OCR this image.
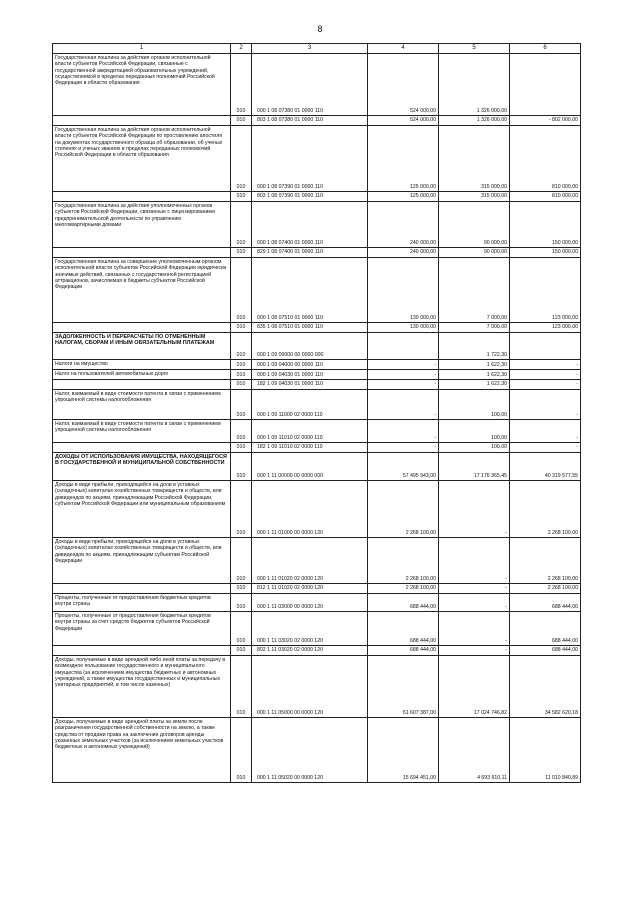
8
1	2	3	4	5	6
Государственная пошлина за действия органов исполнительной власти субъектов Российской Федерации, связанные с государственной аккредитацией образовательных учреждений, осуществляемой в пределах переданных полномочий Российской Федерации в области образования	010	000 1 08 07380 01 0000 110	524 000,00	1 326 000,00	
	010	803 1 08 07380 01 0000 110	524 000,00	1 326 000,00	- 802 000,00
Государственная пошлина за действия органов исполнительной власти субъектов Российской Федерации по проставлению апостиля на документах государственного образца об образовании, об ученых степенях и ученых званиях в пределах переданных полномочий Российской Федерации в области образования	010	000 1 08 07390 01 0000 110	125 000,00	315 000,00	810 000,00
	010	803 1 08 07390 01 0000 110	125 000,00	315 000,00	810 000,00
Государственная пошлина за действия уполномоченных органов субъектов Российской Федерации, связанные с лицензированием предпринимательской деятельности по управлению многоквартирными домами	010	000 1 08 07400 01 0000 110	240 000,00	90 000,00	150 000,00
	010	829 1 08 07400 01 0000 110	240 000,00	90 000,00	150 000,00
Государственная пошлина за совершение уполномоченным органом исполнительной власти субъектов Российской Федерации юридически значимых действий, связанных с государственной регистрацией аттракционов, зачисляемая в бюджеты субъектов Российской Федерации	010	000 1 08 07510 01 0000 110	130 000,00	7 000,00	123 000,00
	010	835 1 08 07510 01 0000 110	130 000,00	7 000,00	123 000,00
ЗАДОЛЖЕННОСТЬ И ПЕРЕРАСЧЕТЫ ПО ОТМЕНЕННЫМ НАЛОГАМ, СБОРАМ И ИНЫМ ОБЯЗАТЕЛЬНЫМ ПЛАТЕЖАМ	010	000 1 09 00000 00 0000 000		1 722,30	
Налоги на имущество	010	000 1 09 04000 00 0000 110	-	1 622,30	-
Налог на пользователей автомобильных дорог	010	000 1 09 04030 01 0000 110	-	1 622,30	-
	010	182 1 09 04030 01 0000 110	-	1 622,30	-
Налог, взимаемый в виде стоимости патента в связи с применением упрощенной системы налогообложения	010	000 1 09 11000 02 0000 110	-	100,00	-
Налог, взимаемый в виде стоимости патента в связи с применением упрощенной системы налогообложения	010	000 1 09 11010 02 0000 110	-	100,00	-
	010	182 1 09 11010 02 0000 110	-	100,00	-
ДОХОДЫ ОТ ИСПОЛЬЗОВАНИЯ ИМУЩЕСТВА, НАХОДЯЩЕГОСЯ В ГОСУДАРСТВЕННОЙ И МУНИЦИПАЛЬНОЙ СОБСТВЕННОСТИ	010	000 1 11 00000 00 0000 000	57 495 943,00	17 176 365,45	40 319 577,55
Доходы в виде прибыли, приходящейся на доли в уставных (складочных) капиталах хозяйственных товариществ и обществ, или дивидендов по акциям, принадлежащим Российской Федерации, субъектам Российской Федерации или муниципальным образованиям	010	000 1 11 01000 00 0000 120	2 268 100,00	-	2 268 100,00
Доходы в виде прибыли, приходящейся на доли в уставных (складочных) капиталах хозяйственных товариществ и обществ, или дивидендов по акциям, принадлежащим субъектам Российской Федерации	010	000 1 11 01020 02 0000 120	2 268 100,00	-	2 268 100,00
	010	812 1 11 01020 02 0000 120	2 268 100,00	-	2 268 100,00
Проценты, полученные от предоставления бюджетных кредитов внутри страны	010	000 1 11 03000 00 0000 120	688 444,00	-	688 444,00
Проценты, полученные от предоставления бюджетных кредитов внутри страны за счет средств бюджетов субъектов Российской Федерации	010	000 1 11 03020 02 0000 120	688 444,00	-	688 444,00
	010	802 1 11 03020 02 0000 120	688 444,00	-	688 444,00
Доходы, получаемые в виде арендной либо иной платы за передачу в возмездное пользование государственного и муниципального имущества (за исключением имущества бюджетных и автономных учреждений, а также имущества государственных и муниципальных унитарных предприятий, в том числе казенных)	010	000 1 11 05000 00 0000 120	51 607 387,00	17 024 746,82	34 582 620,18
Доходы, получаемые в виде арендной платы за земли после разграничения государственной собственности на землю, а также средства от продажи права на заключение договоров аренды указанных земельных участков (за исключением земельных участков бюджетных и автономных учреждений)	010	000 1 11 05020 00 0000 120	15 694 451,00	4 693 610,11	11 010 840,89
